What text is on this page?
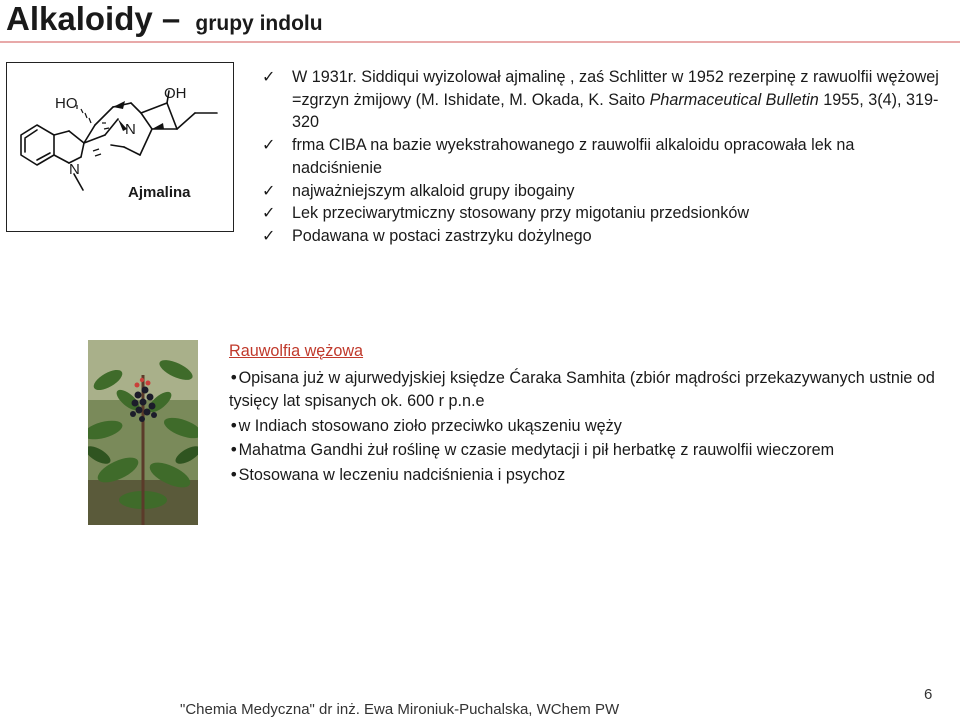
Alkaloidy – grupy indolu
HO
OH
N
N
Ajmalina
✓ W 1931r. Siddiqui wyizolował ajmalinę , zaś Schlitter w 1952 rezerpinę z rawuolfii wężowej =zgrzyn żmijowy (M. Ishidate, M. Okada, K. Saito Pharmaceutical Bulletin 1955, 3(4), 319-320
✓ frma CIBA na bazie wyekstrahowanego z rauwolfii alkaloidu opracowała lek na nadciśnienie
✓ najważniejszym alkaloid grupy ibogainy
✓ Lek przeciwarytmiczny stosowany przy migotaniu przedsionków
✓ Podawana w postaci zastrzyku dożylnego
Rauwolfia wężowa
•Opisana już w ajurwedyjskiej księdze Ćaraka Samhita (zbiór mądrości przekazywanych ustnie od tysięcy lat spisanych ok. 600 r p.n.e
•w Indiach stosowano zioło przeciwko ukąszeniu węży
•Mahatma Gandhi żuł roślinę w czasie medytacji i pił herbatkę z rauwolfii wieczorem
•Stosowana w leczeniu nadciśnienia i psychoz
"Chemia Medyczna" dr inż. Ewa Mironiuk-Puchalska, WChem PW
6
